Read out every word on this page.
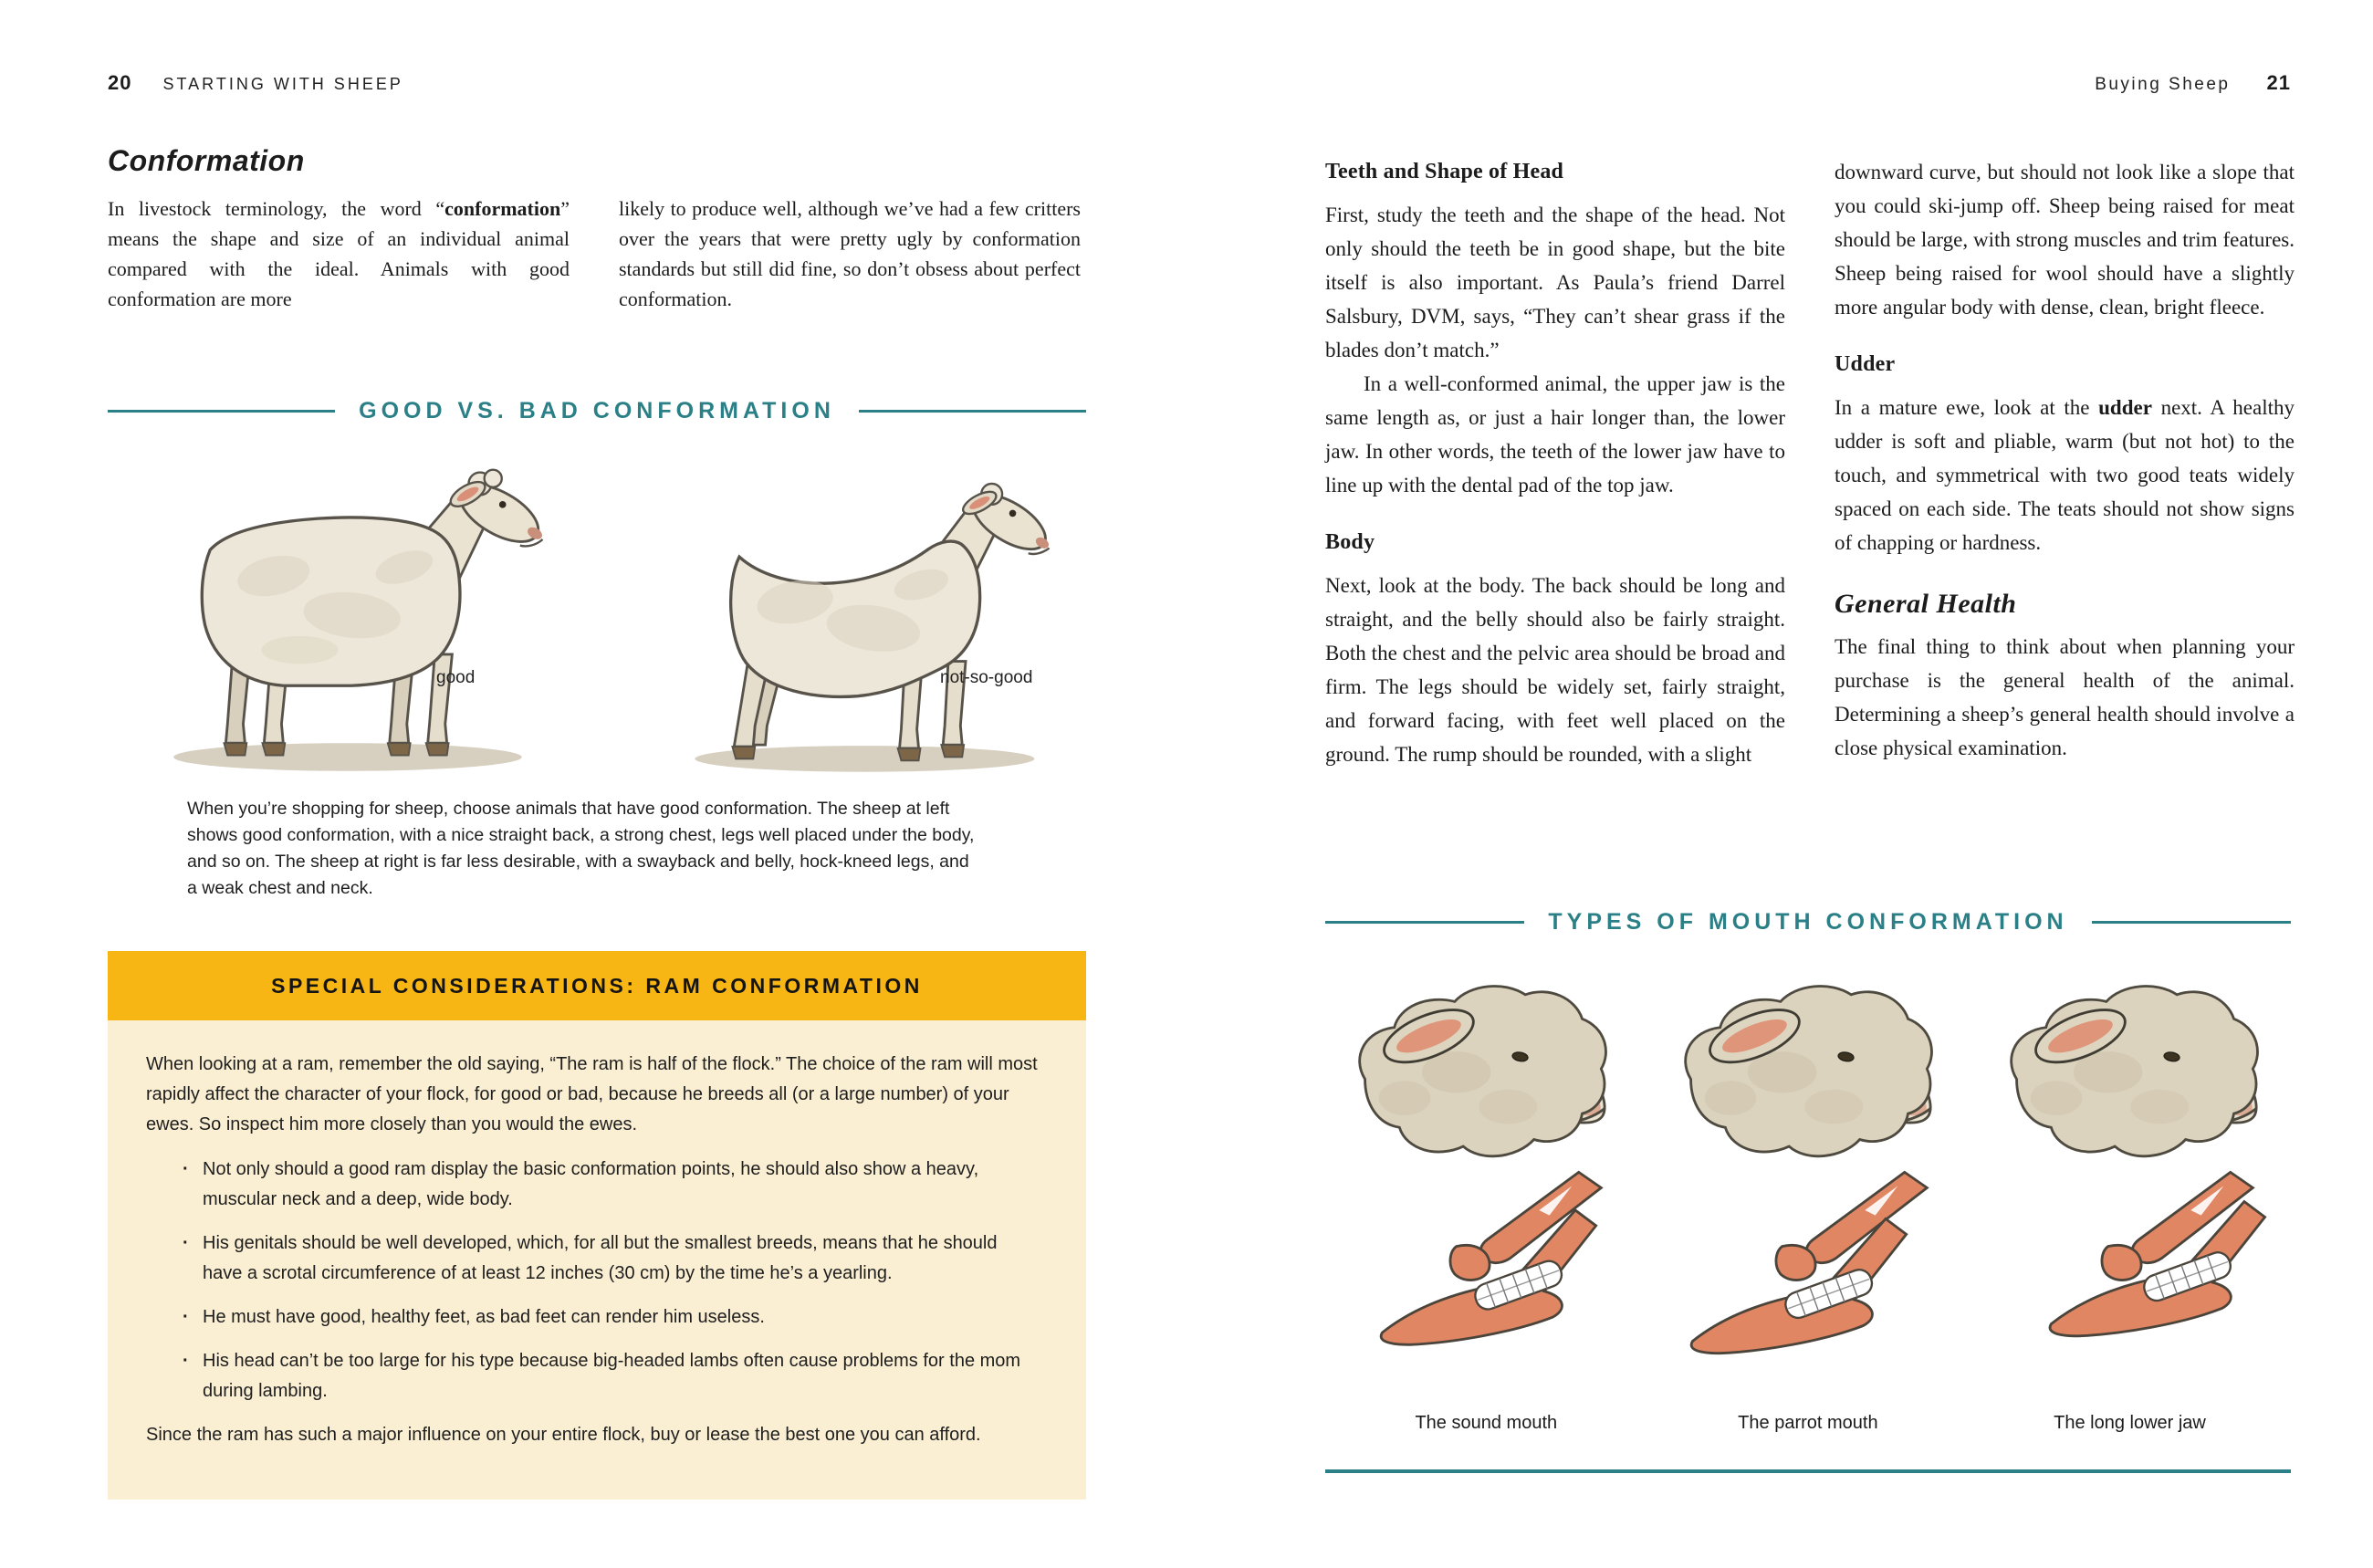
20 STARTING WITH SHEEP
Conformation
In livestock terminology, the word “conformation” means the shape and size of an individual animal compared with the ideal. Animals with good conformation are more
likely to produce well, although we’ve had a few critters over the years that were pretty ugly by conformation standards but still did fine, so don’t obsess about perfect conformation.
GOOD VS. BAD CONFORMATION
good	not-so-good
When you’re shopping for sheep, choose animals that have good conformation. The sheep at left shows good conformation, with a nice straight back, a strong chest, legs well placed under the body, and so on. The sheep at right is far less desirable, with a swayback and belly, hock-kneed legs, and a weak chest and neck.
SPECIAL CONSIDERATIONS: RAM CONFORMATION

When looking at a ram, remember the old saying, “The ram is half of the flock.” The choice of the ram will most rapidly affect the character of your flock, for good or bad, because he breeds all (or a large number) of your ewes. So inspect him more closely than you would the ewes.

· Not only should a good ram display the basic conformation points, he should also show a heavy, muscular neck and a deep, wide body.
· His genitals should be well developed, which, for all but the smallest breeds, means that he should have a scrotal circumference of at least 12 inches (30 cm) by the time he’s a yearling.
· He must have good, healthy feet, as bad feet can render him useless.
· His head can’t be too large for his type because big-headed lambs often cause problems for the mom during lambing.

Since the ram has such a major influence on your entire flock, buy or lease the best one you can afford.

Buying Sheep 21
Teeth and Shape of Head

First, study the teeth and the shape of the head. Not only should the teeth be in good shape, but the bite itself is also important. As Paula’s friend Darrel Salsbury, DVM, says, “They can’t shear grass if the blades don’t match.”

In a well-conformed animal, the upper jaw is the same length as, or just a hair longer than, the lower jaw. In other words, the teeth of the lower jaw have to line up with the dental pad of the top jaw.

Body

Next, look at the body. The back should be long and straight, and the belly should also be fairly straight. Both the chest and the pelvic area should be broad and firm. The legs should be widely set, fairly straight, and forward facing, with feet well placed on the ground. The rump should be rounded, with a slight

downward curve, but should not look like a slope that you could ski-jump off. Sheep being raised for meat should be large, with strong muscles and trim features. Sheep being raised for wool should have a slightly more angular body with dense, clean, bright fleece.

Udder

In a mature ewe, look at the udder next. A healthy udder is soft and pliable, warm (but not hot) to the touch, and symmetrical with two good teats widely spaced on each side. The teats should not show signs of chapping or hardness.

General Health

The final thing to think about when planning your purchase is the general health of the animal. Determining a sheep’s general health should involve a close physical examination.

TYPES OF MOUTH CONFORMATION
The sound mouth	The parrot mouth	The long lower jaw
